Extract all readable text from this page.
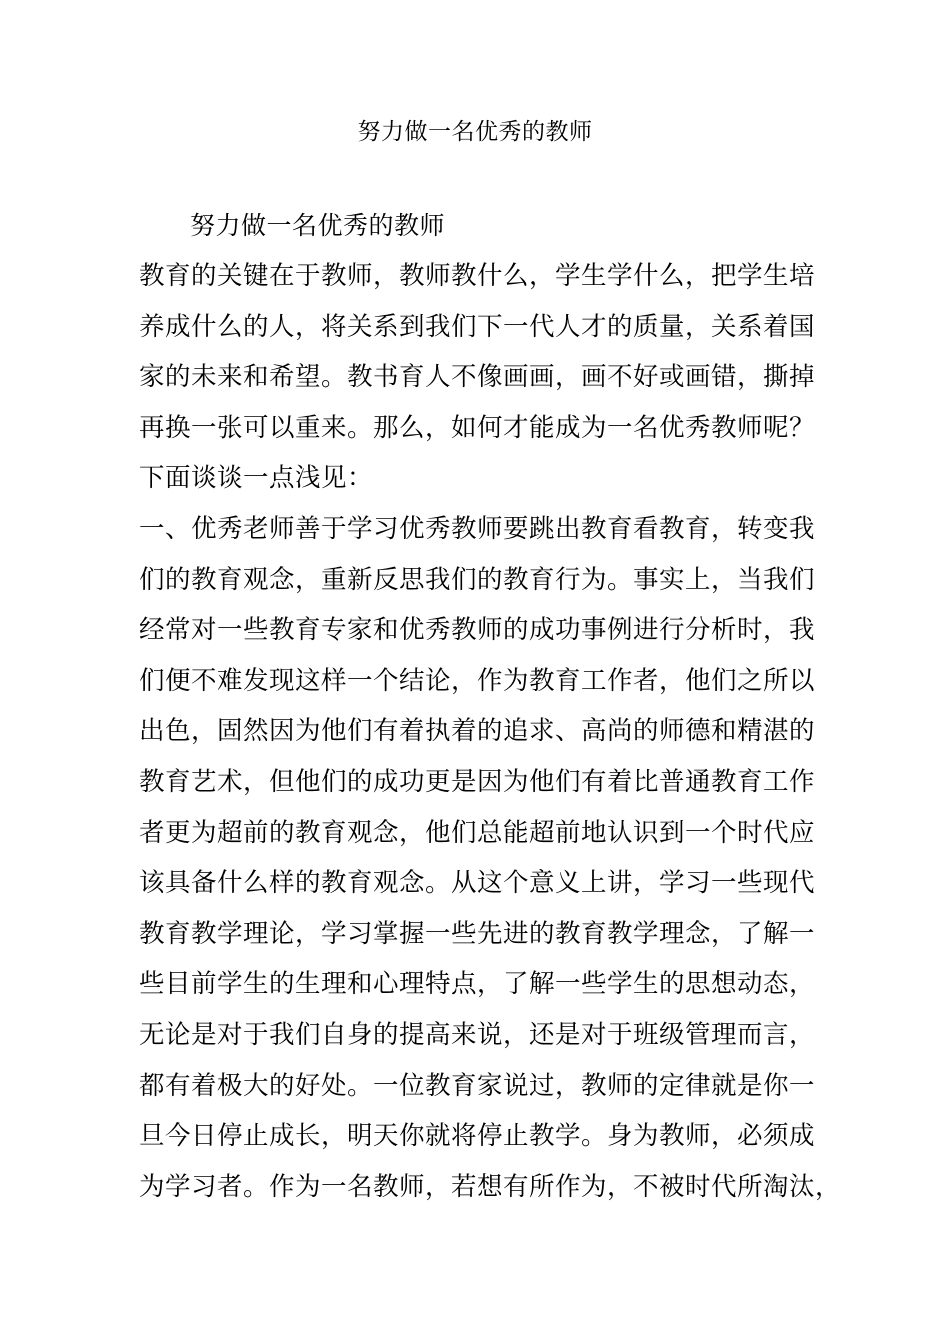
努力做一名优秀的教师
努力做一名优秀的教师
教育的关键在于教师，教师教什么，学生学什么，把学生培
养成什么的人，将关系到我们下一代人才的质量，关系着国
家的未来和希望。教书育人不像画画，画不好或画错，撕掉
再换一张可以重来。那么，如何才能成为一名优秀教师呢？
下面谈谈一点浅见：
一、优秀老师善于学习优秀教师要跳出教育看教育，转变我
们的教育观念，重新反思我们的教育行为。事实上，当我们
经常对一些教育专家和优秀教师的成功事例进行分析时，我
们便不难发现这样一个结论，作为教育工作者，他们之所以
出色，固然因为他们有着执着的追求、高尚的师德和精湛的
教育艺术，但他们的成功更是因为他们有着比普通教育工作
者更为超前的教育观念，他们总能超前地认识到一个时代应
该具备什么样的教育观念。从这个意义上讲，学习一些现代
教育教学理论，学习掌握一些先进的教育教学理念，了解一
些目前学生的生理和心理特点，了解一些学生的思想动态，
无论是对于我们自身的提高来说，还是对于班级管理而言，
都有着极大的好处。一位教育家说过，教师的定律就是你一
旦今日停止成长，明天你就将停止教学。身为教师，必须成
为学习者。作为一名教师，若想有所作为，不被时代所淘汰，
